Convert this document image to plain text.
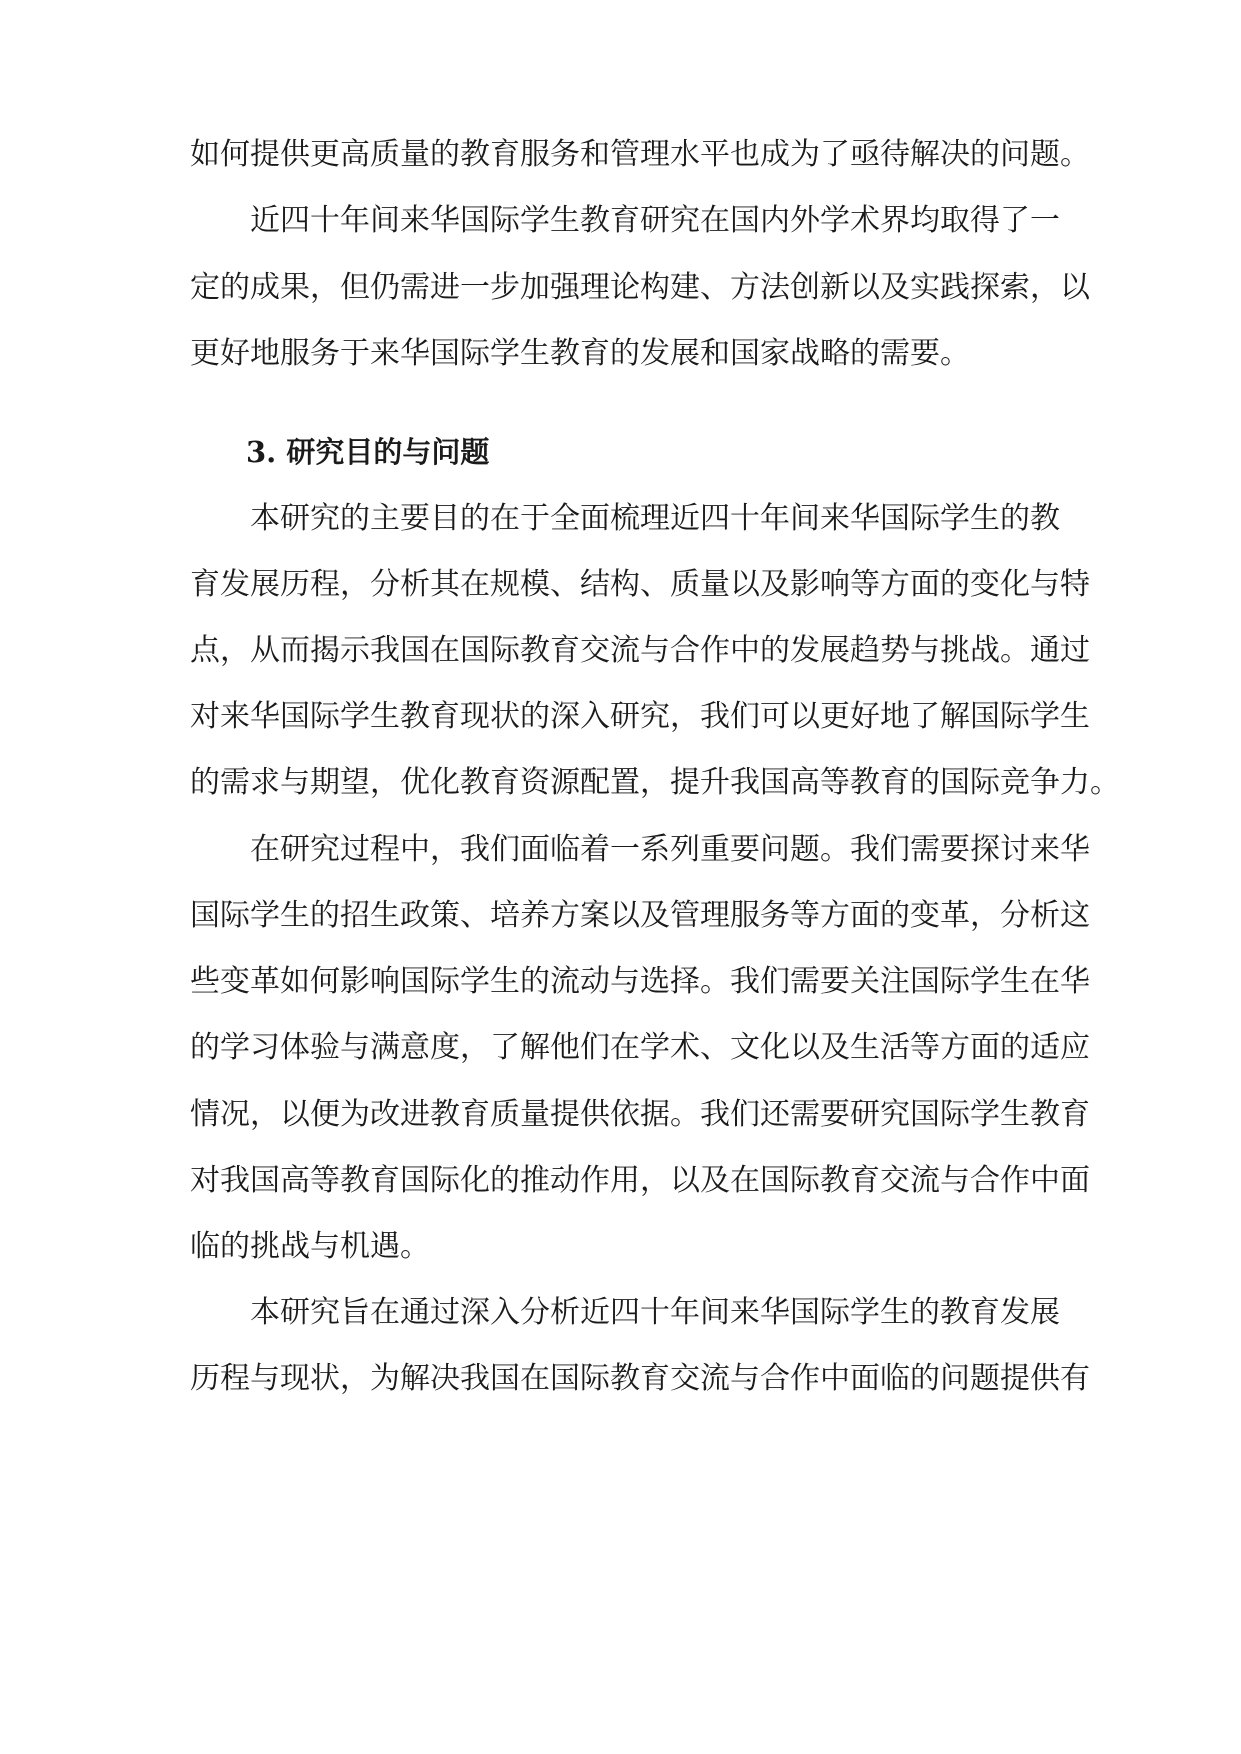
如何提供更高质量的教育服务和管理水平也成为了亟待解决的问题。

近四十年间来华国际学生教育研究在国内外学术界均取得了一

定的成果，但仍需进一步加强理论构建、方法创新以及实践探索，以

更好地服务于来华国际学生教育的发展和国家战略的需要。

3. 研究目的与问题

本研究的主要目的在于全面梳理近四十年间来华国际学生的教

育发展历程，分析其在规模、结构、质量以及影响等方面的变化与特

点，从而揭示我国在国际教育交流与合作中的发展趋势与挑战。通过

对来华国际学生教育现状的深入研究，我们可以更好地了解国际学生

的需求与期望，优化教育资源配置，提升我国高等教育的国际竞争力。

在研究过程中，我们面临着一系列重要问题。我们需要探讨来华

国际学生的招生政策、培养方案以及管理服务等方面的变革，分析这

些变革如何影响国际学生的流动与选择。我们需要关注国际学生在华

的学习体验与满意度，了解他们在学术、文化以及生活等方面的适应

情况，以便为改进教育质量提供依据。我们还需要研究国际学生教育

对我国高等教育国际化的推动作用，以及在国际教育交流与合作中面

临的挑战与机遇。

本研究旨在通过深入分析近四十年间来华国际学生的教育发展

历程与现状，为解决我国在国际教育交流与合作中面临的问题提供有
